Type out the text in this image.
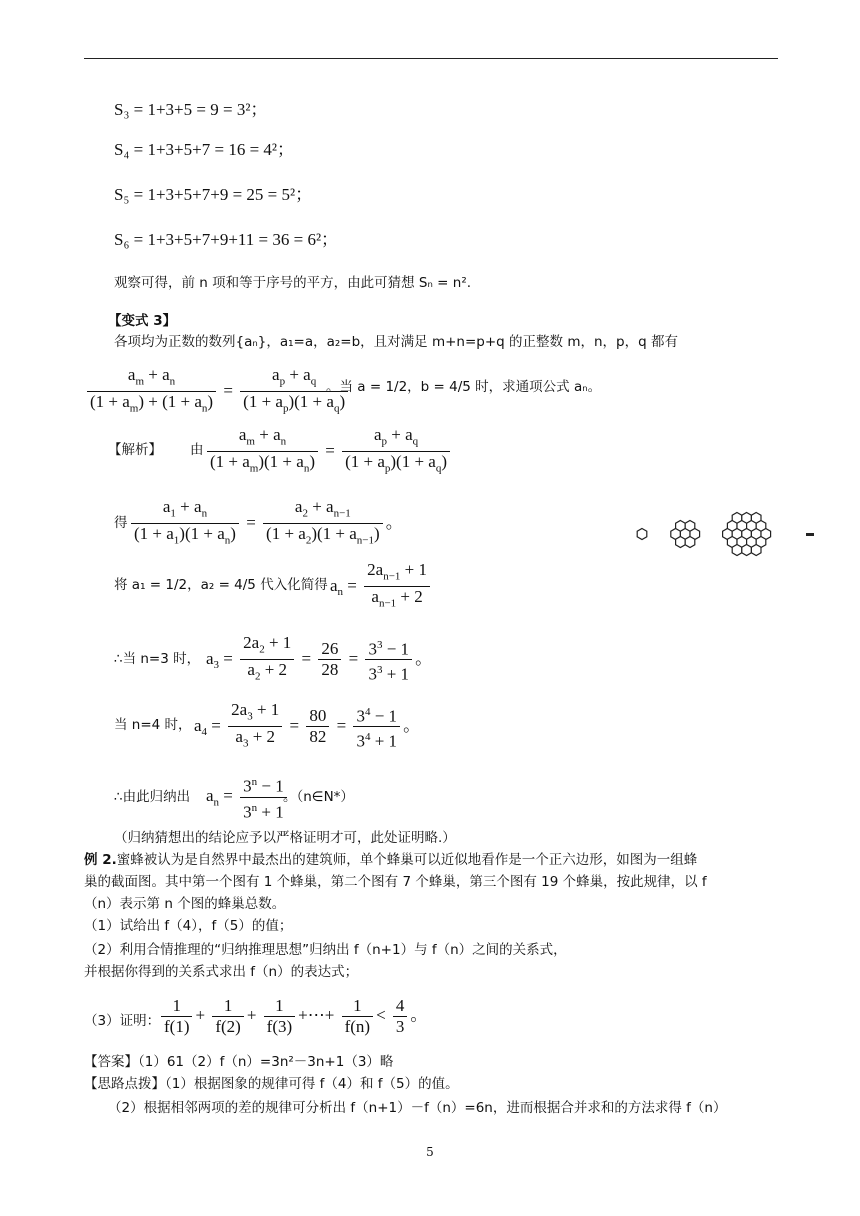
S₃ = 1+3+5 = 9 = 3²；
S₄ = 1+3+5+7 = 16 = 4²；
S₅ = 1+3+5+7+9 = 25 = 5²；
S₆ = 1+3+5+7+9+11 = 36 = 6²；
观察可得，前 n 项和等于序号的平方，由此可猜想 Sₙ = n².
【变式 3】
各项均为正数的数列{aₙ}，a₁=a，a₂=b，且对满足 m+n=p+q 的正整数 m，n，p，q 都有
$\frac{a_m + a_n}{(1 + a_m) + (1 + a_n)} = \frac{a_p + a_q}{(1 + a_p)(1 + a_q)}$
。当 a = 1/2，b = 4/5 时，求通项公式 aₙ。
【解析】 由 $\frac{a_m + a_n}{(1 + a_m)(1 + a_n)} = \frac{a_p + a_q}{(1 + a_p)(1 + a_q)}$
得 $\frac{a_1 + a_n}{(1 + a_1)(1 + a_n)} = \frac{a_2 + a_{n-1}}{(1 + a_2)(1 + a_{n-1})}$ 。
将 a₁ = 1/2，a₂ = 4/5 代入化简得 $a_n = \frac{2a_{n-1} + 1}{a_{n-1} + 2}$
∴当 n=3 时， $a_3 = \frac{2a_2 + 1}{a_2 + 2} = \frac{26}{28} = \frac{3^3 - 1}{3^3 + 1}$ 。
当 n=4 时， $a_4 = \frac{2a_3 + 1}{a_3 + 2} = \frac{80}{82} = \frac{3^4 - 1}{3^4 + 1}$ 。
∴由此归纳出 $a_n = \frac{3^n - 1}{3^n + 1}$
。（n∈N*）
（归纳猜想出的结论应予以严格证明才可，此处证明略.）
例 2.蜜蜂被认为是自然界中最杰出的建筑师，单个蜂巢可以近似地看作是一个正六边形，如图为一组蜂
巢的截面图。其中第一个图有 1 个蜂巢，第二个图有 7 个蜂巢，第三个图有 19 个蜂巢，按此规律，以 f
（n）表示第 n 个图的蜂巢总数。
（1）试给出 f（4），f（5）的值；
（2）利用合情推理的“归纳推理思想”归纳出 f（n+1）与 f（n）之间的关系式，
并根据你得到的关系式求出 f（n）的表达式；
（3）证明： $\frac{1}{f(1)} + \frac{1}{f(2)} + \frac{1}{f(3)}$ +⋯+ $\frac{1}{f(n)} < \frac{4}{3}$ 。
【答案】（1）61（2）f（n）=3n²－3n+1（3）略
【思路点拨】（1）根据图象的规律可得 f（4）和 f（5）的值。
（2）根据相邻两项的差的规律可分析出 f（n+1）－f（n）=6n，进而根据合并求和的方法求得 f（n）
5
